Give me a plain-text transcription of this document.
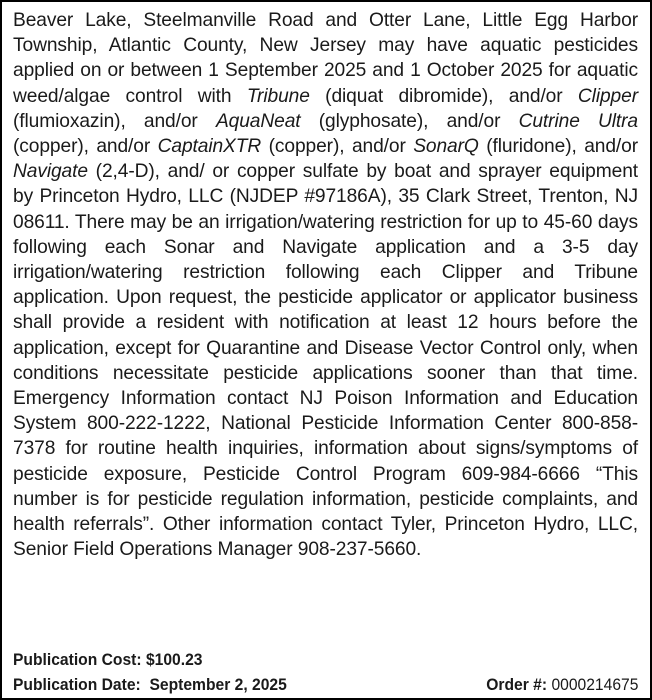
Beaver Lake, Steelmanville Road and Otter Lane, Little Egg Harbor Township, Atlantic County, New Jersey may have aquatic pesticides applied on or between 1 September 2025 and 1 October 2025 for aquatic weed/algae control with Tribune (diquat dibromide), and/or Clipper (flumioxazin), and/or AquaNeat (glyphosate), and/or Cutrine Ultra (copper), and/or CaptainXTR (copper), and/or SonarQ (fluridone), and/or Navigate (2,4-D), and/ or copper sulfate by boat and sprayer equipment by Princeton Hydro, LLC (NJDEP #97186A), 35 Clark Street, Trenton, NJ 08611. There may be an irrigation/watering restriction for up to 45-60 days following each Sonar and Navigate application and a 3-5 day irrigation/watering restriction following each Clipper and Tribune application. Upon request, the pesticide applicator or applicator business shall provide a resident with notification at least 12 hours before the application, except for Quarantine and Disease Vector Control only, when conditions necessitate pesticide applications sooner than that time. Emergency Information contact NJ Poison Information and Education System 800-222-1222, National Pesticide Information Center 800-858-7378 for routine health inquiries, information about signs/symptoms of pesticide exposure, Pesticide Control Program 609-984-6666 “This number is for pesticide regulation information, pesticide complaints, and health referrals”. Other information contact Tyler, Princeton Hydro, LLC, Senior Field Operations Manager 908-237-5660.

Publication Cost: $100.23
Publication Date: September 2, 2025	Order #: 0000214675
